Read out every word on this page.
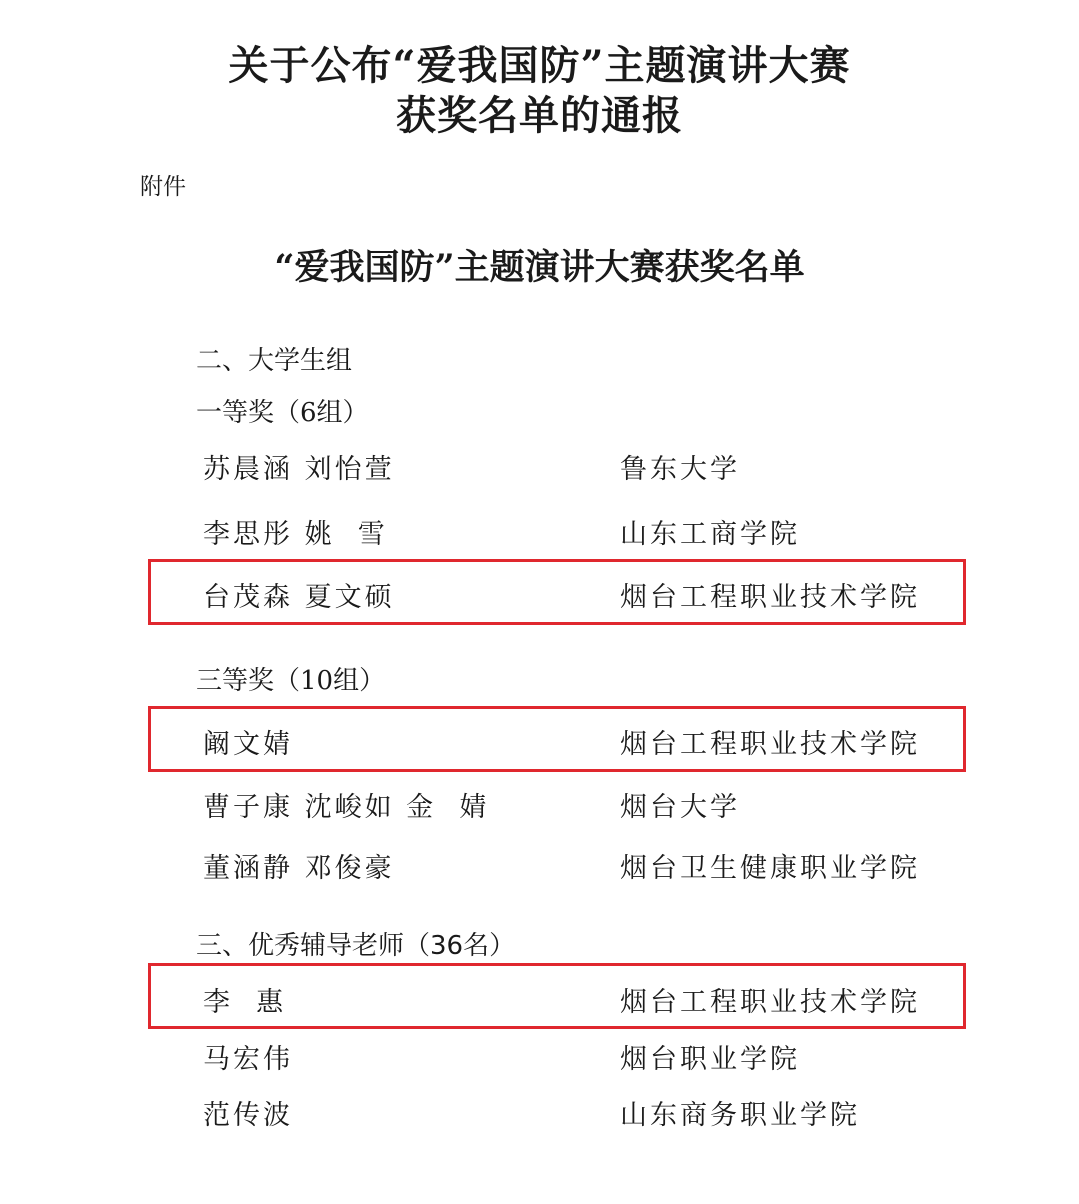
关于公布“爱我国防”主题演讲大赛
获奖名单的通报
附件
“爱我国防”主题演讲大赛获奖名单
二、大学生组
一等奖（6组）
苏晨涵 刘怡萱	鲁东大学
李思彤 姚  雪	山东工商学院
台茂森 夏文硕	烟台工程职业技术学院
三等奖（10组）
阚文婧	烟台工程职业技术学院
曹子康 沈峻如 金  婧	烟台大学
董涵静 邓俊豪	烟台卫生健康职业学院
三、优秀辅导老师（36名）
李  惠	烟台工程职业技术学院
马宏伟	烟台职业学院
范传波	山东商务职业学院
